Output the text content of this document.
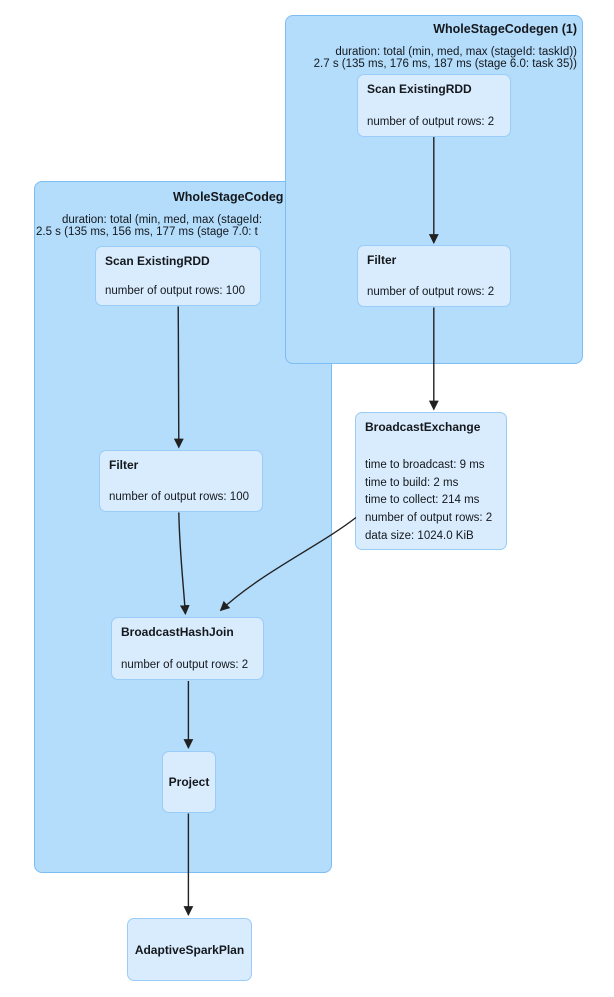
WholeStageCodeg
duration: total (min, med, max (stageId:
2.5 s (135 ms, 156 ms, 177 ms (stage 7.0: t
WholeStageCodegen (1)
duration: total (min, med, max (stageId: taskId))
2.7 s (135 ms, 176 ms, 187 ms (stage 6.0: task 35))
Scan ExistingRDD
number of output rows: 2
Filter
number of output rows: 2
Scan ExistingRDD
number of output rows: 100
Filter
number of output rows: 100
BroadcastExchange
time to broadcast: 9 ms
time to build: 2 ms
time to collect: 214 ms
number of output rows: 2
data size: 1024.0 KiB
BroadcastHashJoin
number of output rows: 2
Project
AdaptiveSparkPlan
